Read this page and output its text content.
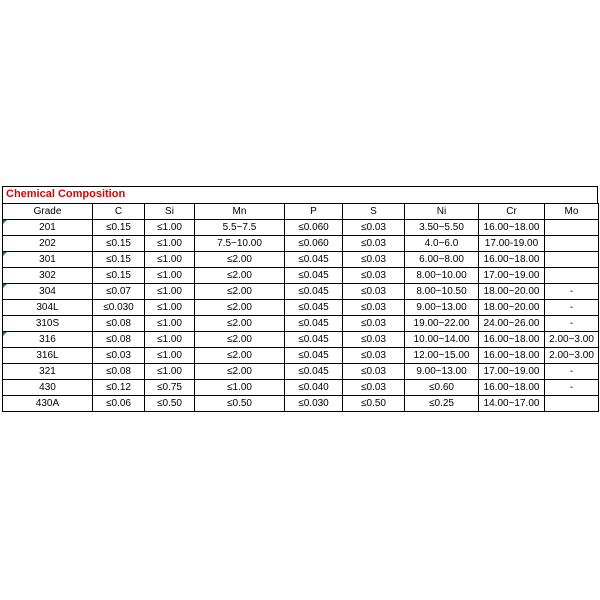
Chemical Composition
Grade	C	Si	Mn	P	S	Ni	Cr	Mo
201	≤0.15	≤1.00	5.5~7.5	≤0.060	≤0.03	3.50~5.50	16.00~18.00	
202	≤0.15	≤1.00	7.5~10.00	≤0.060	≤0.03	4.0~6.0	17.00-19.00	
301	≤0.15	≤1.00	≤2.00	≤0.045	≤0.03	6.00~8.00	16.00~18.00	
302	≤0.15	≤1.00	≤2.00	≤0.045	≤0.03	8.00~10.00	17.00~19.00	
304	≤0.07	≤1.00	≤2.00	≤0.045	≤0.03	8.00~10.50	18.00~20.00	-
304L	≤0.030	≤1.00	≤2.00	≤0.045	≤0.03	9.00~13.00	18.00~20.00	-
310S	≤0.08	≤1.00	≤2.00	≤0.045	≤0.03	19.00~22.00	24.00~26.00	-
316	≤0.08	≤1.00	≤2.00	≤0.045	≤0.03	10.00~14.00	16.00~18.00	2.00~3.00
316L	≤0.03	≤1.00	≤2.00	≤0.045	≤0.03	12.00~15.00	16.00~18.00	2.00~3.00
321	≤0.08	≤1.00	≤2.00	≤0.045	≤0.03	9.00~13.00	17.00~19.00	-
430	≤0.12	≤0.75	≤1.00	≤0.040	≤0.03	≤0.60	16.00~18.00	-
430A	≤0.06	≤0.50	≤0.50	≤0.030	≤0.50	≤0.25	14.00~17.00	
